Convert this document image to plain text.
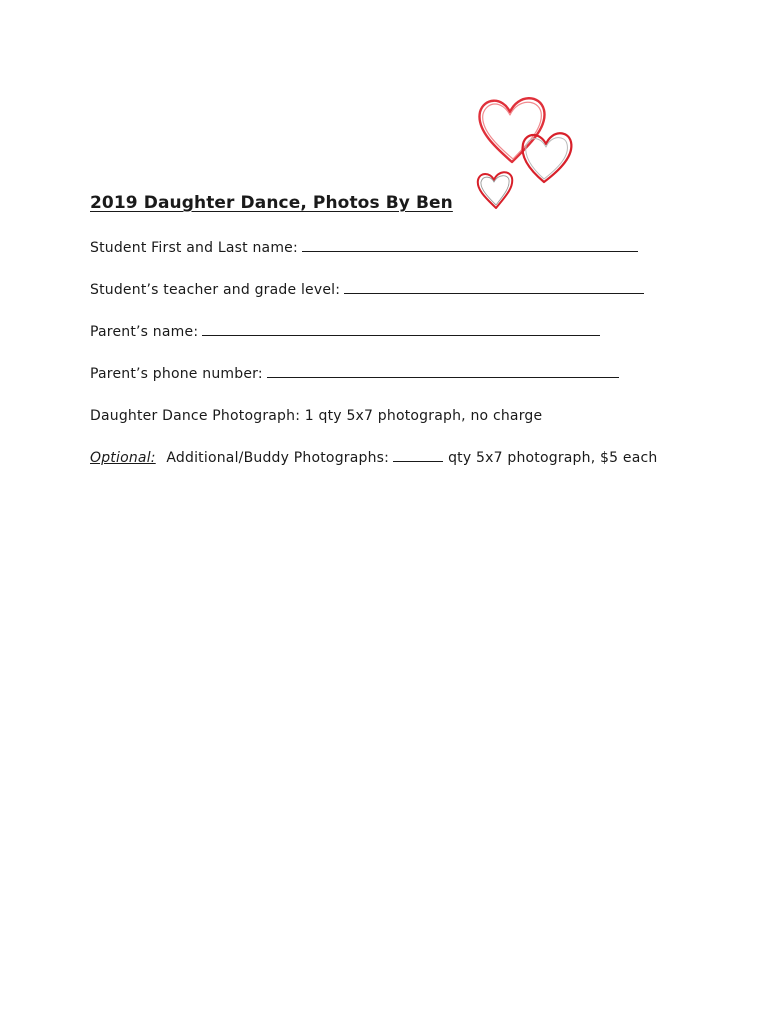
2019 Daughter Dance, Photos By Ben
Student First and Last name:
Student’s teacher and grade level:
Parent’s name:
Parent’s phone number:
Daughter Dance Photograph: 1 qty 5x7 photograph, no charge
Optional: Additional/Buddy Photographs:	qty 5x7 photograph, $5 each
